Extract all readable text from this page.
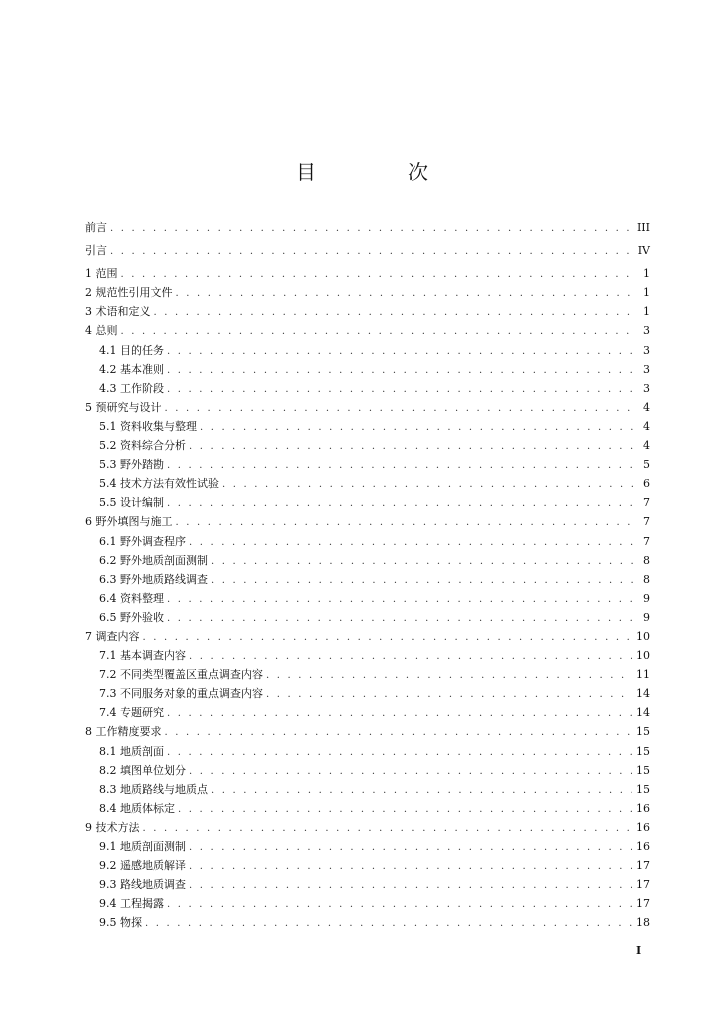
目　次
前言 . . .	III
引言 . . .	IV
1 范围 . . .	1
2 规范性引用文件 . . .	1
3 术语和定义 . . .	1
4 总则 . . .	3
4.1 目的任务 . . .	3
4.2 基本准则 . . .	3
4.3 工作阶段 . . .	3
5 预研究与设计 . . .	4
5.1 资料收集与整理 . . .	4
5.2 资料综合分析 . . .	4
5.3 野外踏勘 . . .	5
5.4 技术方法有效性试验 . . .	6
5.5 设计编制 . . .	7
6 野外填图与施工 . . .	7
6.1 野外调查程序 . . .	7
6.2 野外地质剖面测制 . . .	8
6.3 野外地质路线调查 . . .	8
6.4 资料整理 . . .	9
6.5 野外验收 . . .	9
7 调查内容 . . .	10
7.1 基本调查内容 . . .	10
7.2 不同类型覆盖区重点调查内容 . . .	11
7.3 不同服务对象的重点调查内容 . . .	14
7.4 专题研究 . . .	14
8 工作精度要求 . . .	15
8.1 地质剖面 . . .	15
8.2 填图单位划分 . . .	15
8.3 地质路线与地质点 . . .	15
8.4 地质体标定 . . .	16
9 技术方法 . . .	16
9.1 地质剖面测制 . . .	16
9.2 遥感地质解译 . . .	17
9.3 路线地质调查 . . .	17
9.4 工程揭露 . . .	17
9.5 物探 . . .	18
I
